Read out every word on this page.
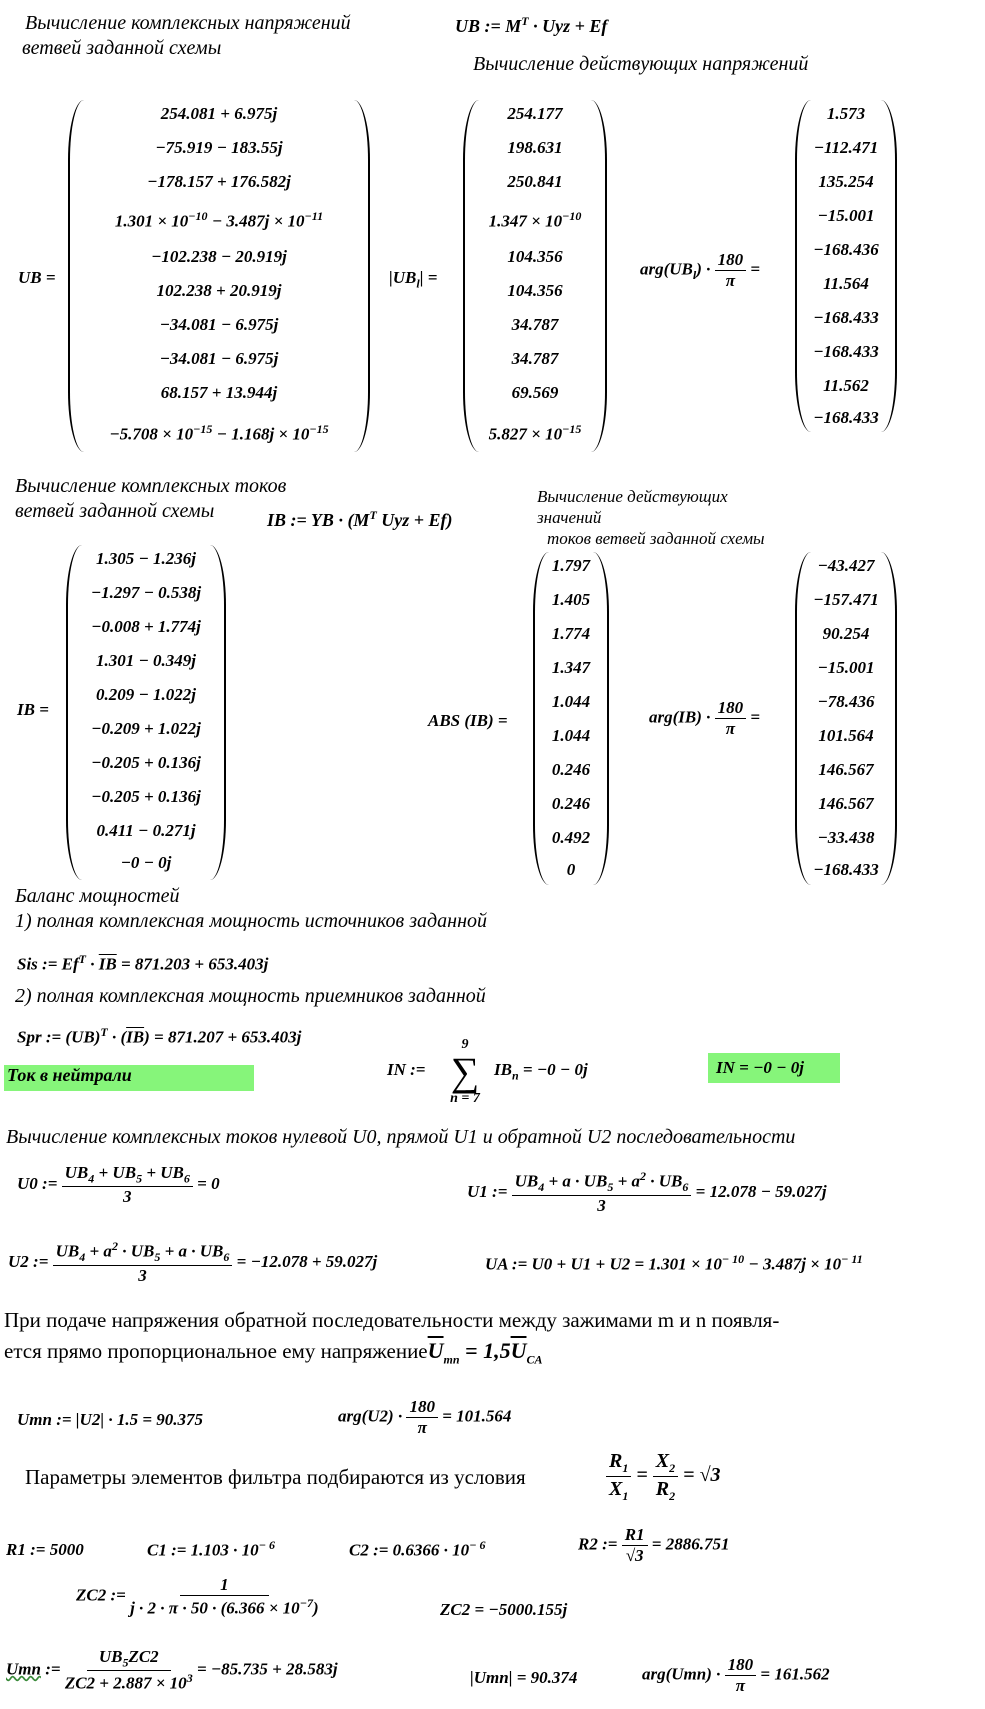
Вычисление комплексных напряжений
ветвей заданной схемы
UB := $M^T$ · Uyz + Ef
Вычисление действующих напряжений
UB =
254.081 + 6.975j
−75.919 − 183.55j
−178.157 + 176.582j
$1.301 \times 10^{-10} - 3.487j \times 10^{-11}$
−102.238 − 20.919j
102.238 + 20.919j
−34.081 − 6.975j
−34.081 − 6.975j
68.157 + 13.944j
$-5.708 \times 10^{-15} - 1.168j \times 10^{-15}$
$|UB_l|$ =
254.177
198.631
250.841
$1.347 \times 10^{-10}$
104.356
104.356
34.787
34.787
69.569
$5.827 \times 10^{-15}$
$arg(UB_l) \cdot \frac{180}{\pi}$ =
1.573
−112.471
135.254
−15.001
−168.436
11.564
−168.433
−168.433
11.562
−168.433
Вычисление комплексных токов
ветвей заданной схемы	IB := YB · ($M^T$ Uyz + Ef)
Вычисление действующих
значений
токов ветвей заданной схемы
IB =
1.305 − 1.236j
−1.297 − 0.538j
−0.008 + 1.774j
1.301 − 0.349j
0.209 − 1.022j
−0.209 + 1.022j
−0.205 + 0.136j
−0.205 + 0.136j
0.411 − 0.271j
−0 − 0j
ABS (IB) =
1.797
1.405
1.774
1.347
1.044
1.044
0.246
0.246
0.492
0
$arg(IB) \cdot \frac{180}{\pi}$ =
−43.427
−157.471
90.254
−15.001
−78.436
101.564
146.567
146.567
−33.438
−168.433
Баланс мощностей
1) полная комплексная мощность источников заданной
Sis := $Ef^T \cdot \overline{IB} = 871.203 + 653.403j$
2) полная комплексная мощность приемников заданной
Spr := $(UB)^T \cdot (\overline{IB}) = 871.207 + 653.403j$
Ток в нейтрали	IN :=
9
∑
n = 7
$IB_n = -0 - 0j$	IN = −0 − 0j
Вычисление комплексных токов нулевой U0, прямой U1 и обратной U2 последовательности
U0 := $\frac{UB_4 + UB_5 + UB_6}{3} = 0$	U1 := $\frac{UB_4 + a \cdot UB_5 + a^2 \cdot UB_6}{3} = 12.078 - 59.027j$
U2 := $\frac{UB_4 + a^2 \cdot UB_5 + a \cdot UB_6}{3} = -12.078 + 59.027j$	UA := $U0 + U1 + U2 = 1.301 \times 10^{- 10} - 3.487j \times 10^{- 11}$
При подаче напряжения обратной последовательности между зажимами m и n появля-
ется прямо пропорциональное ему $напряжение\overline{U}_{mn} = 1,5\overline{U}_{CA}$
Umn := |U2| · 1.5 = 90.375	$arg(U2) \cdot \frac{180}{\pi} = 101.564$
Параметры элементов фильтра подбираются из условия	$\frac{R_1}{X_1} = \frac{X_2}{R_2} = √3$
R1 := 5000	C1 := $1.103 \cdot 10^{- 6}$	C2 := $0.6366 \cdot 10^{- 6}$	R2 := $\frac{R1}{√3} = 2886.751$
ZC2 := $\frac{1}{j \cdot 2 \cdot \pi \cdot 50 \cdot (6.366 \times 10^{-7})}$	ZC2 = −5000.155j
Umn := $\frac{UB_5ZC2}{ZC2 + 2.887 \times 10^3} = -85.735 + 28.583j$	|Umn| = 90.374	$arg(Umn) \cdot \frac{180}{\pi} = 161.562$
